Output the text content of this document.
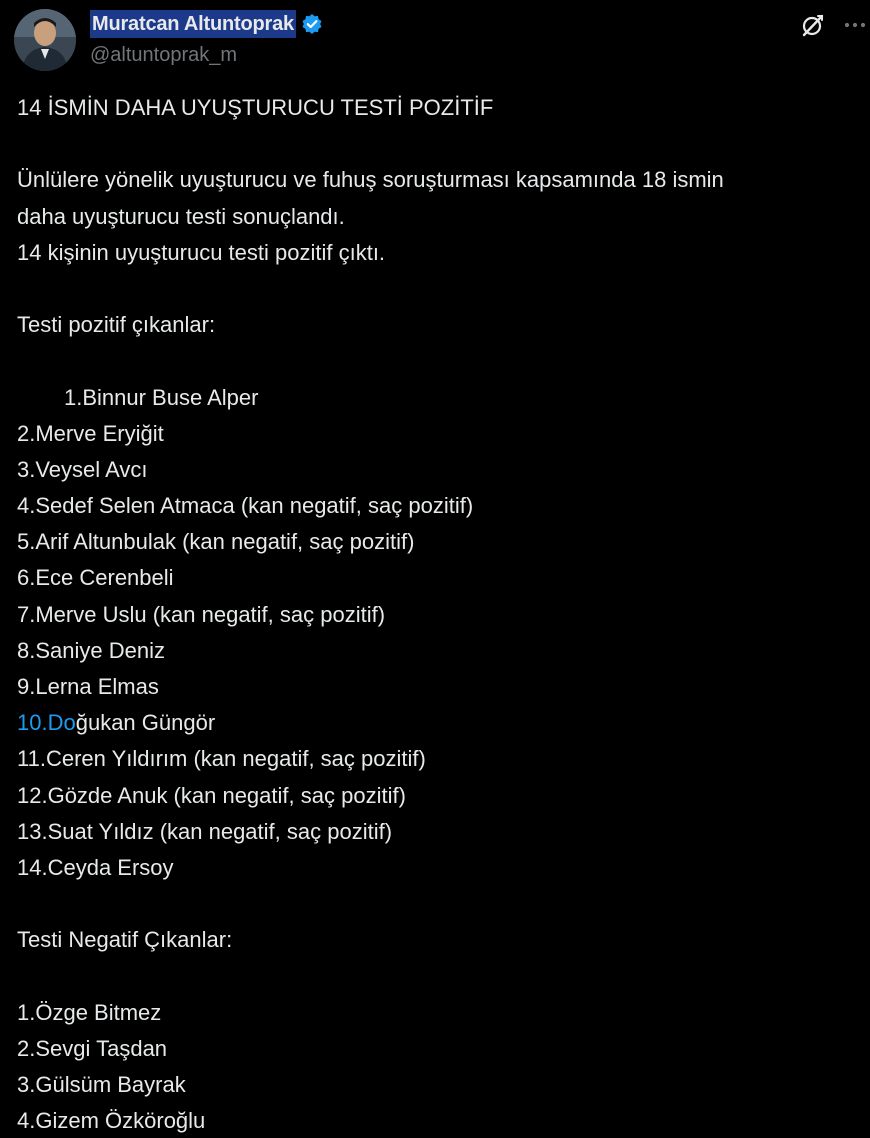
Muratcan Altuntoprak
@altuntoprak_m
14 İSMİN DAHA UYUŞTURUCU TESTİ POZİTİF
Ünlülere yönelik uyuşturucu ve fuhuş soruşturması kapsamında 18 ismin
daha uyuşturucu testi sonuçlandı.
14 kişinin uyuşturucu testi pozitif çıktı.
Testi pozitif çıkanlar:
1.Binnur Buse Alper
2.Merve Eryiğit
3.Veysel Avcı
4.Sedef Selen Atmaca (kan negatif, saç pozitif)
5.Arif Altunbulak (kan negatif, saç pozitif)
6.Ece Cerenbeli
7.Merve Uslu (kan negatif, saç pozitif)
8.Saniye Deniz
9.Lerna Elmas
10.Doğukan Güngör
11.Ceren Yıldırım (kan negatif, saç pozitif)
12.Gözde Anuk (kan negatif, saç pozitif)
13.Suat Yıldız (kan negatif, saç pozitif)
14.Ceyda Ersoy
Testi Negatif Çıkanlar:
1.Özge Bitmez
2.Sevgi Taşdan
3.Gülsüm Bayrak
4.Gizem Özköroğlu
